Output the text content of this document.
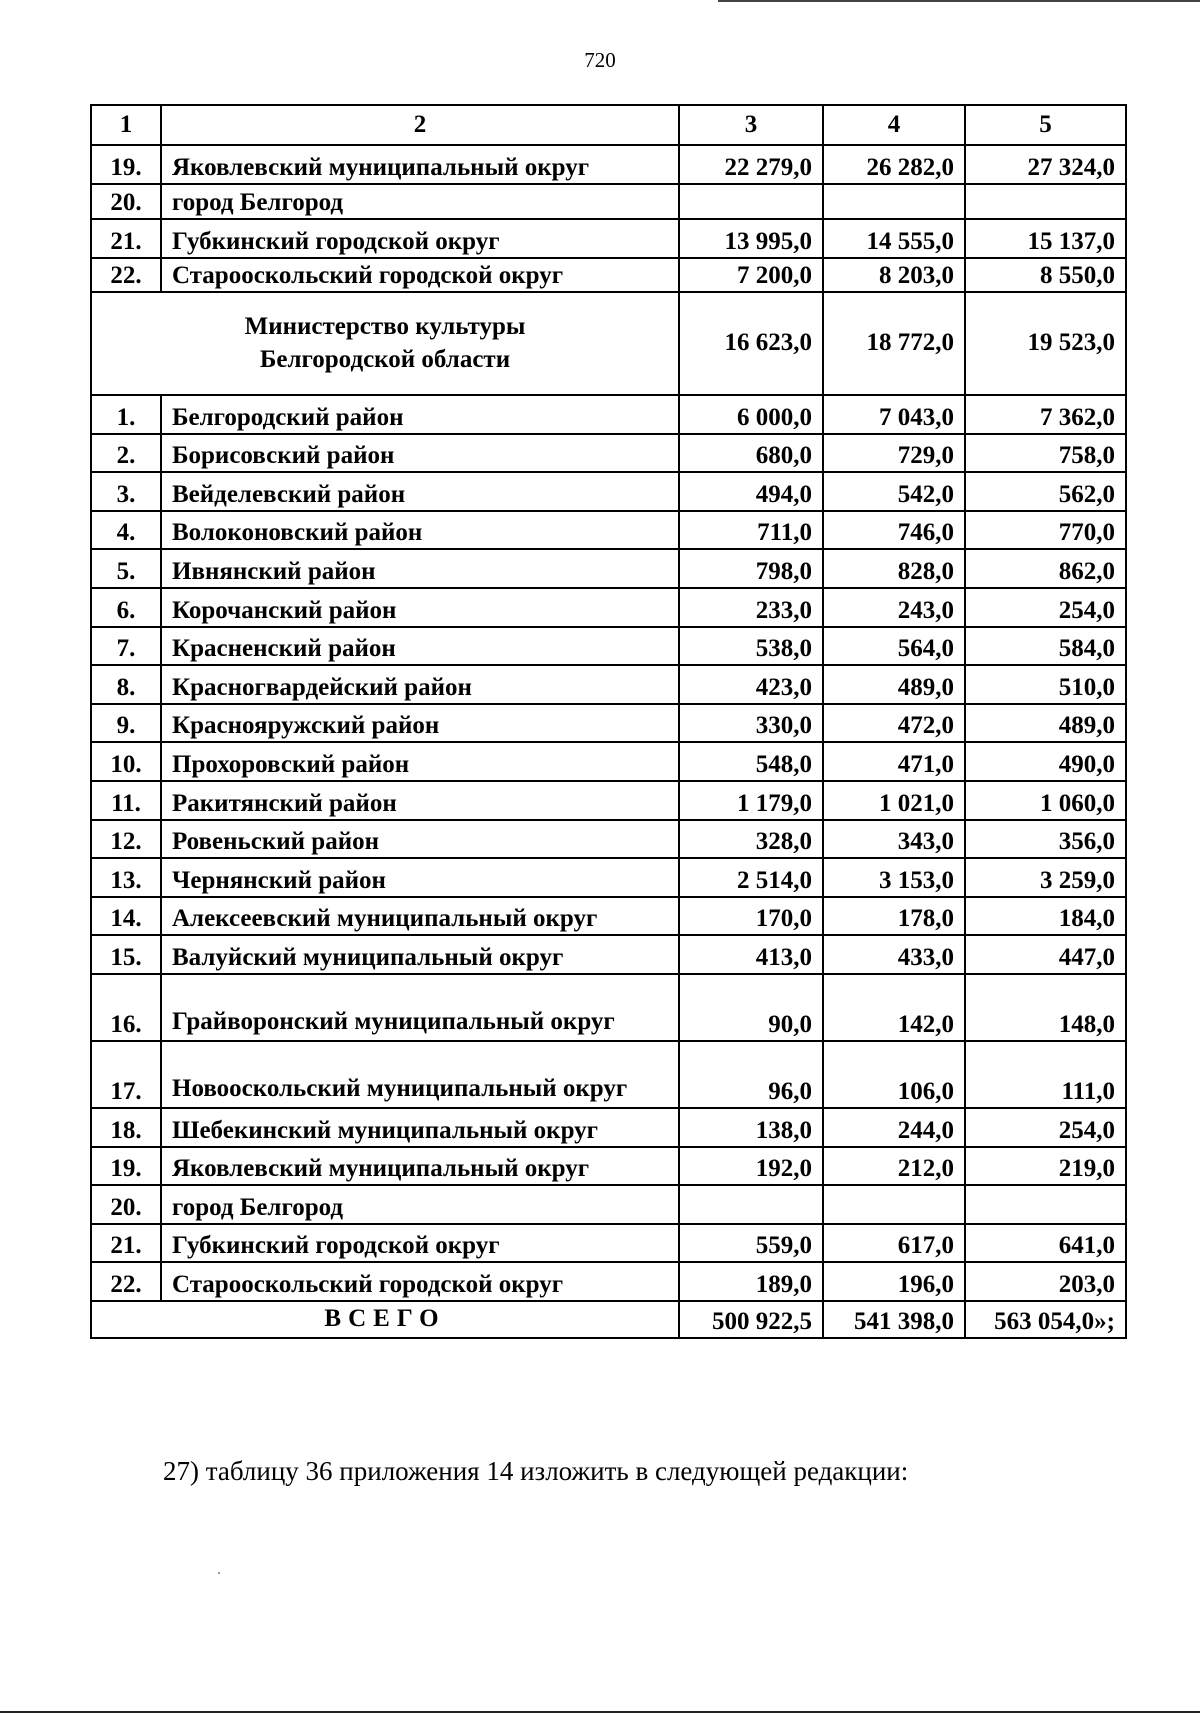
720
1	2	3	4	5
19.	Яковлевский муниципальный округ	22 279,0	26 282,0	27 324,0
20.	город Белгород			
21.	Губкинский городской округ	13 995,0	14 555,0	15 137,0
22.	Старооскольский городской округ	7 200,0	8 203,0	8 550,0

Министерство культуры
Белгородской области		16 623,0	18 772,0	19 523,0
1.	Белгородский район	6 000,0	7 043,0	7 362,0
2.	Борисовский район	680,0	729,0	758,0
3.	Вейделевский район	494,0	542,0	562,0
4.	Волоконовский район	711,0	746,0	770,0
5.	Ивнянский район	798,0	828,0	862,0
6.	Корочанский район	233,0	243,0	254,0
7.	Красненский район	538,0	564,0	584,0
8.	Красногвардейский район	423,0	489,0	510,0
9.	Краснояружский район	330,0	472,0	489,0
10.	Прохоровский район	548,0	471,0	490,0
11.	Ракитянский район	1 179,0	1 021,0	1 060,0
12.	Ровеньский район	328,0	343,0	356,0
13.	Чернянский район	2 514,0	3 153,0	3 259,0
14.	Алексеевский муниципальный округ	170,0	178,0	184,0
15.	Валуйский муниципальный округ	413,0	433,0	447,0
16.	Грайворонский муниципальный округ	90,0	142,0	148,0
17.	Новооскольский муниципальный округ	96,0	106,0	111,0
18.	Шебекинский муниципальный округ	138,0	244,0	254,0
19.	Яковлевский муниципальный округ	192,0	212,0	219,0
20.	город Белгород			
21.	Губкинский городской округ	559,0	617,0	641,0
22.	Старооскольский городской округ	189,0	196,0	203,0
ВСЕГО		500 922,5	541 398,0	563 054,0»;
27) таблицу 36 приложения 14 изложить в следующей редакции:
